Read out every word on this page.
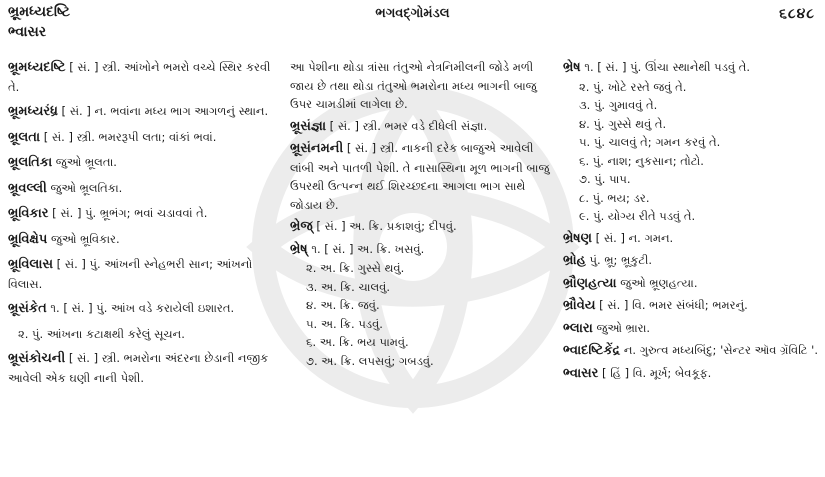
ભ્રૂમધ્યદષ્ટિ
ભ્વાસર
ભગવદ્ગોમંડલ	૬૮૪૮
ભ્રૂમધ્યદષ્ટિ [ સં. ] સ્ત્રી. આંખોને ભમરો વચ્ચે સ્થિર કરવી તે.
ભ્રૂમધ્યરંધ્ર [ સં. ] ન. ભવાંના મધ્ય ભાગ આગળનું સ્થાન.
ભ્રૂલતા [ સં. ] સ્ત્રી. ભમરરૂપી લતા; વાંકાં ભવાં.
ભ્રૂલતિકા જુઓ ભ્રૂલતા.
ભ્રૂવલ્લી જુઓ ભ્રૂલતિકા.
ભ્રૂવિકાર [ સં. ] પું. ભ્રૂભંગ; ભવાં ચડાવવાં તે.
ભ્રૂવિક્ષેપ જુઓ ભ્રૂવિકાર.
ભ્રૂવિલાસ [ સં. ] પું. આંખની સ્નેહભરી સાન; આંખનો વિલાસ.
ભ્રૂસંકેત ૧. [ સં. ] પું. આંખ વડે કરાયેલી ઇશારત.
૨. પું. આંખના કટાક્ષથી કરેલું સૂચન.
ભ્રૂસંકોચની [ સં. ] સ્ત્રી. ભમરોના અંદરના છેડાની નજીક આવેલી એક ઘણી નાની પેશી.
આ પેશીના થોડા ત્રાંસા તંતુઓ નેત્રનિમીલની જોડે મળી જાય છે તથા થોડા તંતુઓ ભમરોના મધ્ય ભાગની બાજુ ઉપર ચામડીમાં લાગેલા છે.
ભ્રૂસંજ્ઞા [ સં. ] સ્ત્રી. ભમર વડે દીધેલી સંજ્ઞા.
ભ્રૂસંનમની [ સં. ] સ્ત્રી. નાકની દરેક બાજુએ આવેલી લાંબી અને પાતળી પેશી. તે નાસાસ્થિના મૂળ ભાગની બાજુ ઉપરથી ઉત્પન્ન થઈ શિરચ્છદના આગલા ભાગ સાથે જોડાય છે.
ભ્રેજ્ [ સં. ] અ. ક્રિ. પ્રકાશવું; દીપવું.
ભ્રેષ્ ૧. [ સં. ] અ. ક્રિ. ખસવું.
૨. અ. ક્રિ. ગુસ્સે થવું.
૩. અ. ક્રિ. ચાલવું.
૪. અ. ક્રિ. જવું.
૫. અ. ક્રિ. પડવું.
૬. અ. ક્રિ. ભય પામવું.
૭. અ. ક્રિ. લપસવું; ગબડવું.
ભ્રેષ ૧. [ સં. ] પું. ઊંચા સ્થાનેથી પડવું તે.
૨. પું. ખોટે રસ્તે જવું તે.
૩. પું. ગુમાવવું તે.
૪. પું. ગુસ્સે થવું તે.
૫. પું. ચાલવું તે; ગમન કરવું તે.
૬. પું. નાશ; નુકસાન; તોટો.
૭. પું. પાપ.
૮. પું. ભય; ડર.
૯. પું. યોગ્ય રીતે પડવું તે.
ભ્રેષણ [ સં. ] ન. ગમન.
ભ્રોહ પું. ભ્રૂ; ભ્રૂકુટી.
ભ્રૌણહત્યા જુઓ ભ્રૂણહત્યા.
ભ્રૌવેય [ સં. ] વિ. ભમર સંબંધી; ભમરનું.
ભ્લારા જુઓ ભ્રારા.
ભ્વાદષ્ટિકેંદ્ર ન. ગુરુત્વ મધ્યબિંદુ; 'સેન્ટર ઑવ ગ્રૅવિટિ '.
ભ્વાસર [ હિં ] વિ. મૂર્ખ; બેવકૂફ.
